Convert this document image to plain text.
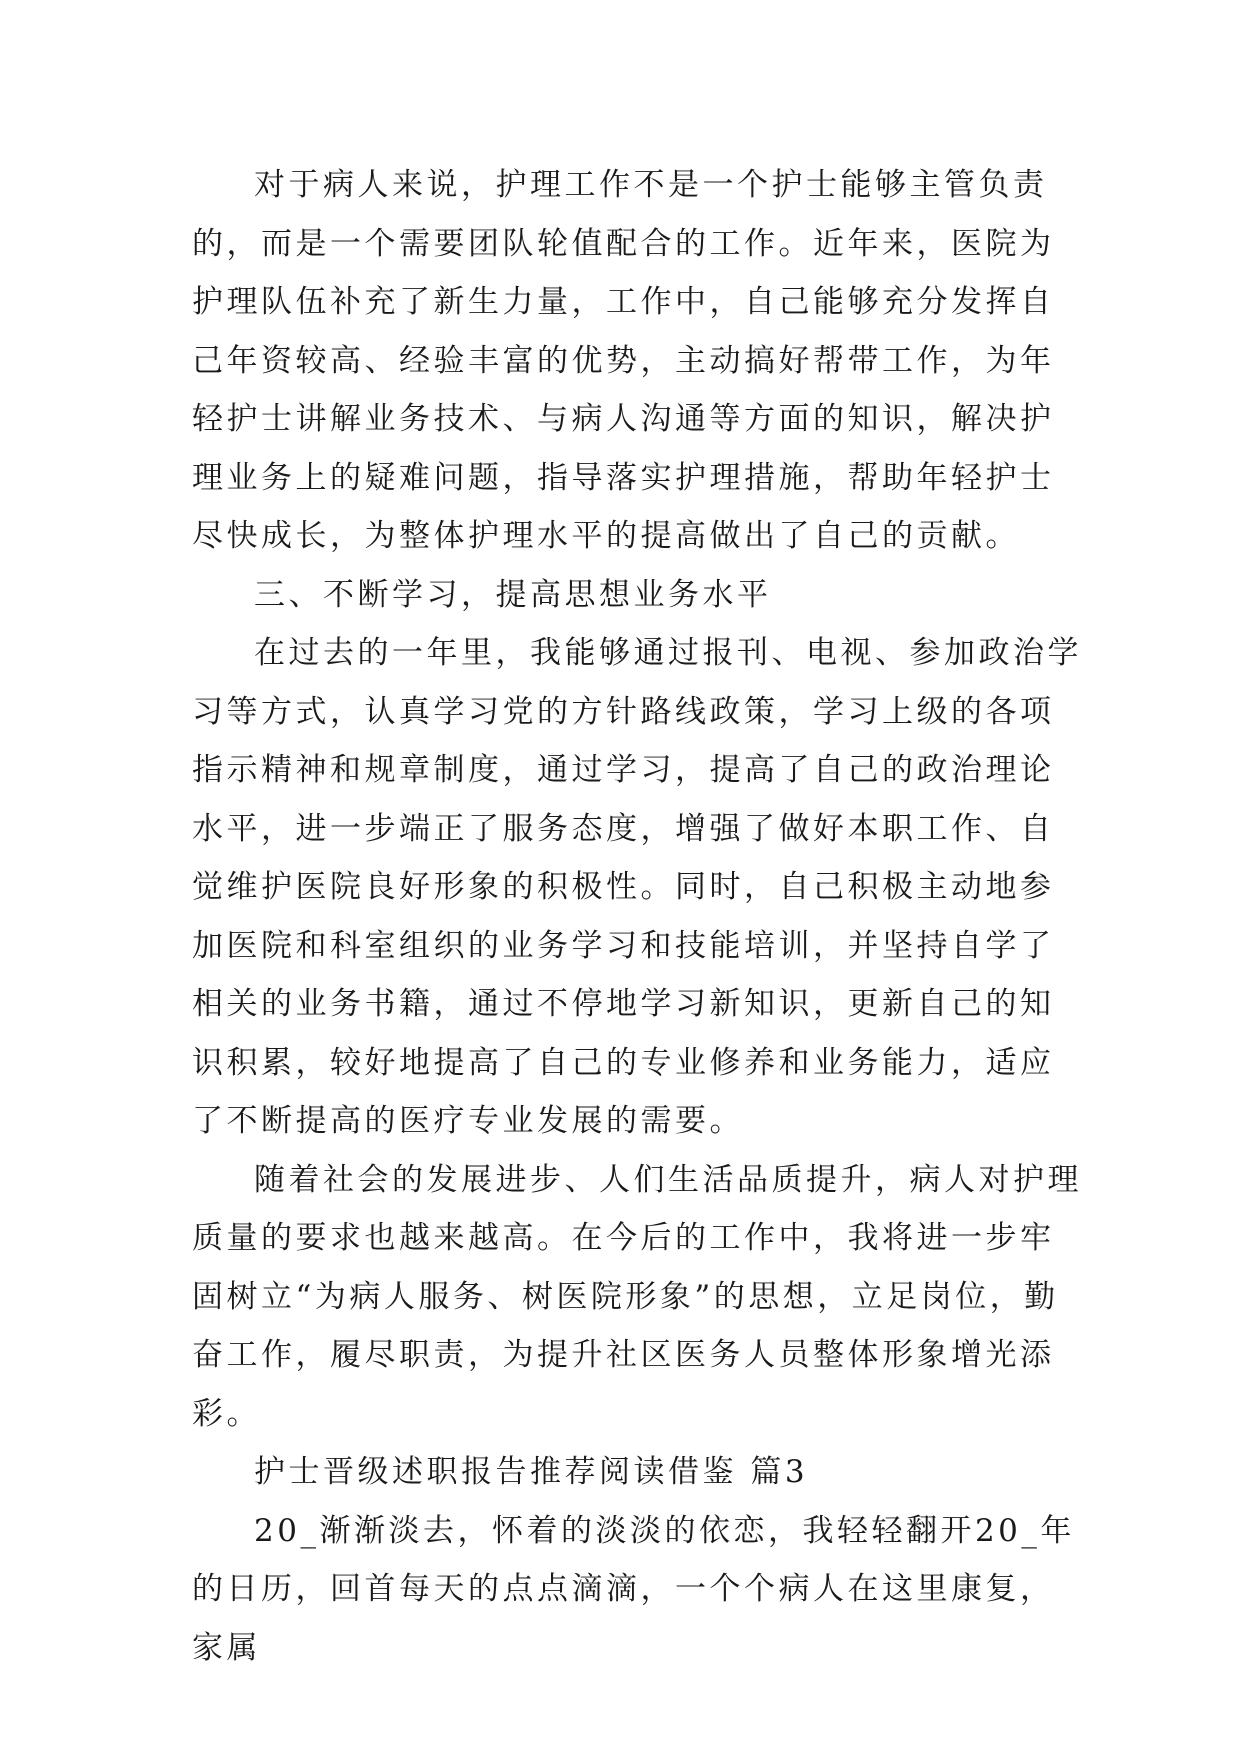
对于病人来说，护理工作不是一个护士能够主管负责的，而是一个需要团队轮值配合的工作。近年来，医院为护理队伍补充了新生力量，工作中，自己能够充分发挥自己年资较高、经验丰富的优势，主动搞好帮带工作，为年轻护士讲解业务技术、与病人沟通等方面的知识，解决护理业务上的疑难问题，指导落实护理措施，帮助年轻护士尽快成长，为整体护理水平的提高做出了自己的贡献。

三、不断学习，提高思想业务水平

在过去的一年里，我能够通过报刊、电视、参加政治学习等方式，认真学习党的方针路线政策，学习上级的各项指示精神和规章制度，通过学习，提高了自己的政治理论水平，进一步端正了服务态度，增强了做好本职工作、自觉维护医院良好形象的积极性。同时，自己积极主动地参加医院和科室组织的业务学习和技能培训，并坚持自学了相关的业务书籍，通过不停地学习新知识，更新自己的知识积累，较好地提高了自己的专业修养和业务能力，适应了不断提高的医疗专业发展的需要。

随着社会的发展进步、人们生活品质提升，病人对护理质量的要求也越来越高。在今后的工作中，我将进一步牢固树立“为病人服务、树医院形象”的思想，立足岗位，勤奋工作，履尽职责，为提升社区医务人员整体形象增光添彩。

护士晋级述职报告推荐阅读借鉴 篇3

20_渐渐淡去，怀着的淡淡的依恋，我轻轻翻开20_年的日历，回首每天的点点滴滴，一个个病人在这里康复，家属
